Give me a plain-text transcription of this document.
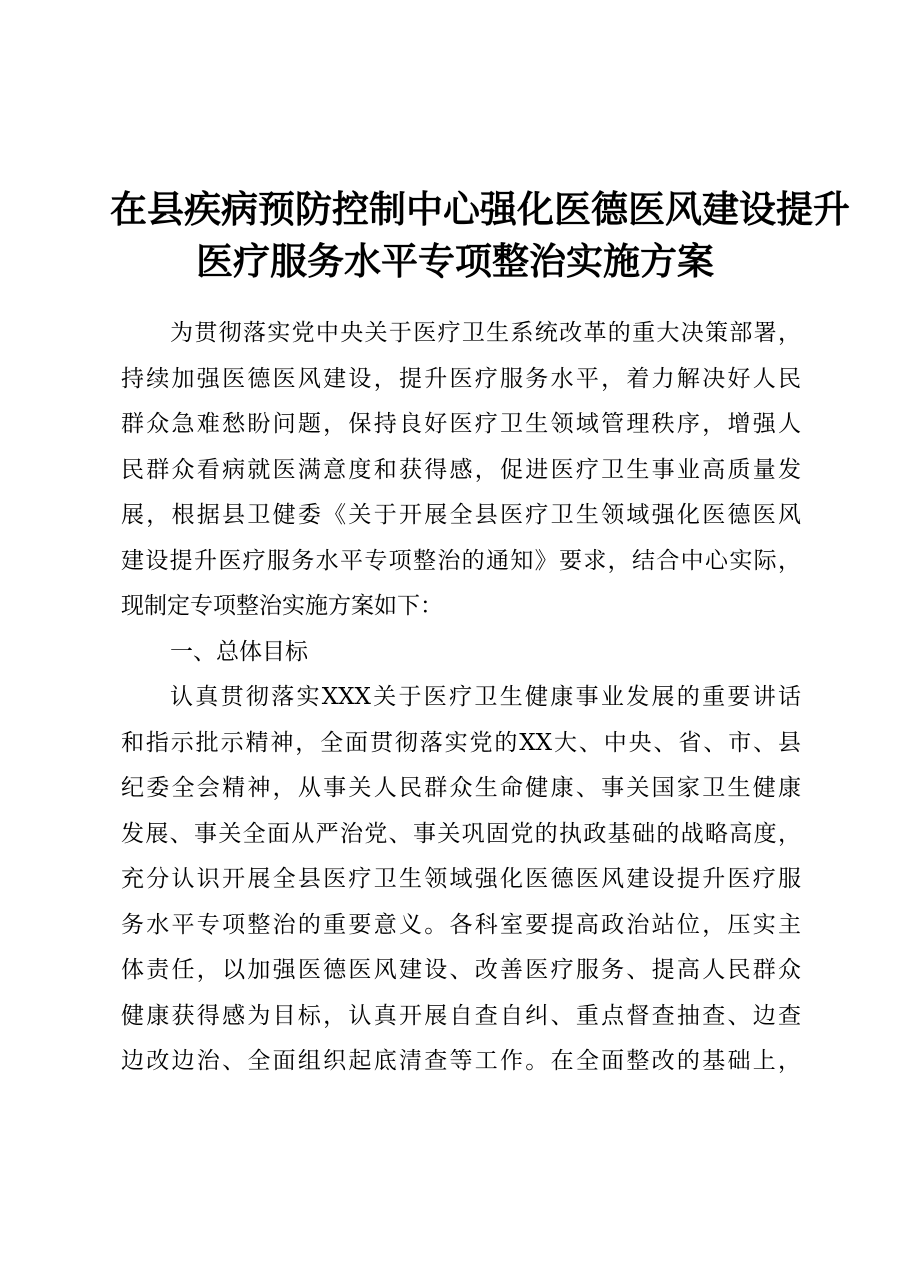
在县疾病预防控制中心强化医德医风建设提升
医疗服务水平专项整治实施方案
为贯彻落实党中央关于医疗卫生系统改革的重大决策部署，
持续加强医德医风建设，提升医疗服务水平，着力解决好人民
群众急难愁盼问题，保持良好医疗卫生领域管理秩序，增强人
民群众看病就医满意度和获得感，促进医疗卫生事业高质量发
展，根据县卫健委《关于开展全县医疗卫生领域强化医德医风
建设提升医疗服务水平专项整治的通知》要求，结合中心实际，
现制定专项整治实施方案如下：
一、总体目标
认真贯彻落实XXX关于医疗卫生健康事业发展的重要讲话
和指示批示精神，全面贯彻落实党的XX大、中央、省、市、县
纪委全会精神，从事关人民群众生命健康、事关国家卫生健康
发展、事关全面从严治党、事关巩固党的执政基础的战略高度，
充分认识开展全县医疗卫生领域强化医德医风建设提升医疗服
务水平专项整治的重要意义。各科室要提高政治站位，压实主
体责任，以加强医德医风建设、改善医疗服务、提高人民群众
健康获得感为目标，认真开展自查自纠、重点督查抽查、边查
边改边治、全面组织起底清查等工作。在全面整改的基础上，
